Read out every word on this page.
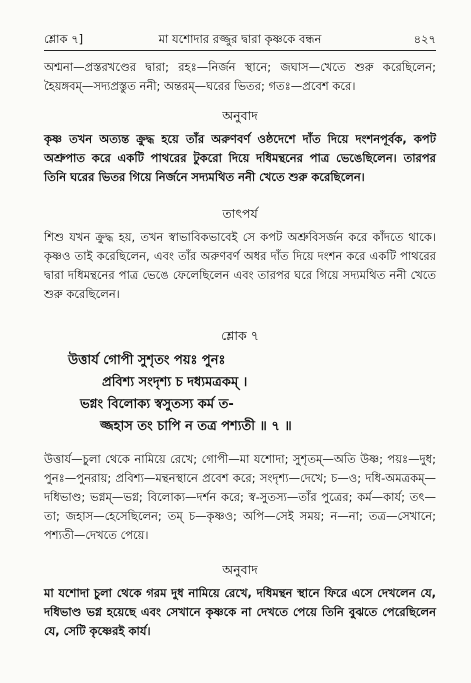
শ্লোক ৭]	মা যশোদার রজ্জুর দ্বারা কৃষ্ণকে বন্ধন	৪২৭
অশ্মনা—প্রস্তরখণ্ডের দ্বারা; রহঃ—নির্জন স্থানে; জঘাস—খেতে শুরু করেছিলেন; হৈয়ঙ্গবম্—সদ্যপ্রস্তুত ননী; অন্তরম্—ঘরের ভিতর; গতঃ—প্রবেশ করে।
অনুবাদ
কৃষ্ণ তখন অত্যন্ত ক্রুদ্ধ হয়ে তাঁর অরুণবর্ণ ওষ্ঠদেশে দাঁত দিয়ে দংশনপূর্বক, কপট অশ্রুপাত করে একটি পাথরের টুকরো দিয়ে দধিমন্থনের পাত্র ভেঙেছিলেন। তারপর তিনি ঘরের ভিতর গিয়ে নির্জনে সদ্যমথিত ননী খেতে শুরু করেছিলেন।
তাৎপর্য
শিশু যখন ক্রুদ্ধ হয়, তখন স্বাভাবিকভাবেই সে কপট অশ্রুবিসর্জন করে কাঁদতে থাকে। কৃষ্ণও তাই করেছিলেন, এবং তাঁর অরুণবর্ণ অধর দাঁত দিয়ে দংশন করে একটি পাথরের দ্বারা দধিমন্থনের পাত্র ভেঙে ফেলেছিলেন এবং তারপর ঘরে গিয়ে সদ্যমথিত ননী খেতে শুরু করেছিলেন।
শ্লোক ৭
উত্তার্য গোপী সুশৃতং পয়ঃ পুনঃ
প্রবিশ্য সংদৃশ্য চ দধ্যমত্রকম্ ।
ভগ্নং বিলোক্য স্বসুতস্য কর্ম ত-
জ্জহাস তং চাপি ন তত্র পশ্যতী ॥ ৭ ॥
উত্তার্য—চুলা থেকে নামিয়ে রেখে; গোপী—মা যশোদা; সুশৃতম্—অতি উষ্ণ; পয়ঃ—দুধ; পুনঃ—পুনরায়; প্রবিশ্য—মন্থনস্থানে প্রবেশ করে; সংদৃশ্য—দেখে; চ—ও; দধি-অমত্রকম্—দধিভাণ্ড; ভগ্নম্—ভগ্ন; বিলোক্য—দর্শন করে; স্ব-সুতস্য—তাঁর পুত্রের; কর্ম—কার্য; তৎ—তা; জহাস—হেসেছিলেন; তম্ চ—কৃষ্ণও; অপি—সেই সময়; ন—না; তত্র—সেখানে; পশ্যতী—দেখতে পেয়ে।
অনুবাদ
মা যশোদা চুলা থেকে গরম দুধ নামিয়ে রেখে, দধিমন্থন স্থানে ফিরে এসে দেখলেন যে, দধিভাণ্ড ভগ্ন হয়েছে এবং সেখানে কৃষ্ণকে না দেখতে পেয়ে তিনি বুঝতে পেরেছিলেন যে, সেটি কৃষ্ণেরই কার্য।
